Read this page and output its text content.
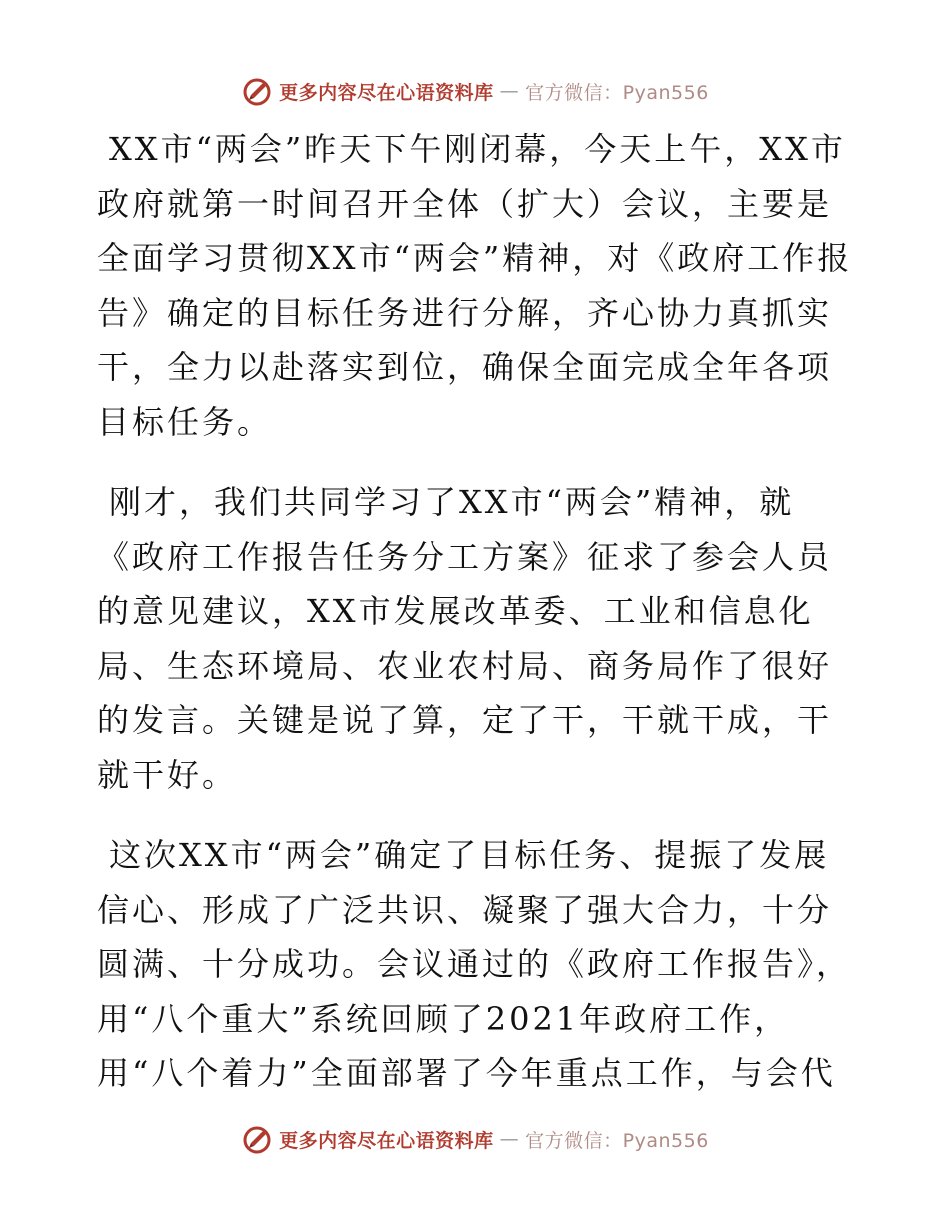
更多内容尽在心语资料库 — 官方微信：Pyan556

XX市“两会”昨天下午刚闭幕，今天上午，XX市政府就第一时间召开全体（扩大）会议，主要是全面学习贯彻XX市“两会”精神，对《政府工作报告》确定的目标任务进行分解，齐心协力真抓实干，全力以赴落实到位，确保全面完成全年各项目标任务。

刚才，我们共同学习了XX市“两会”精神，就《政府工作报告任务分工方案》征求了参会人员的意见建议，XX市发展改革委、工业和信息化局、生态环境局、农业农村局、商务局作了很好的发言。关键是说了算，定了干，干就干成，干就干好。

这次XX市“两会”确定了目标任务、提振了发展信心、形成了广泛共识、凝聚了强大合力，十分圆满、十分成功。会议通过的《政府工作报告》，用“八个重大”系统回顾了2021年政府工作，用“八个着力”全面部署了今年重点工作，与会代

更多内容尽在心语资料库 — 官方微信：Pyan556
